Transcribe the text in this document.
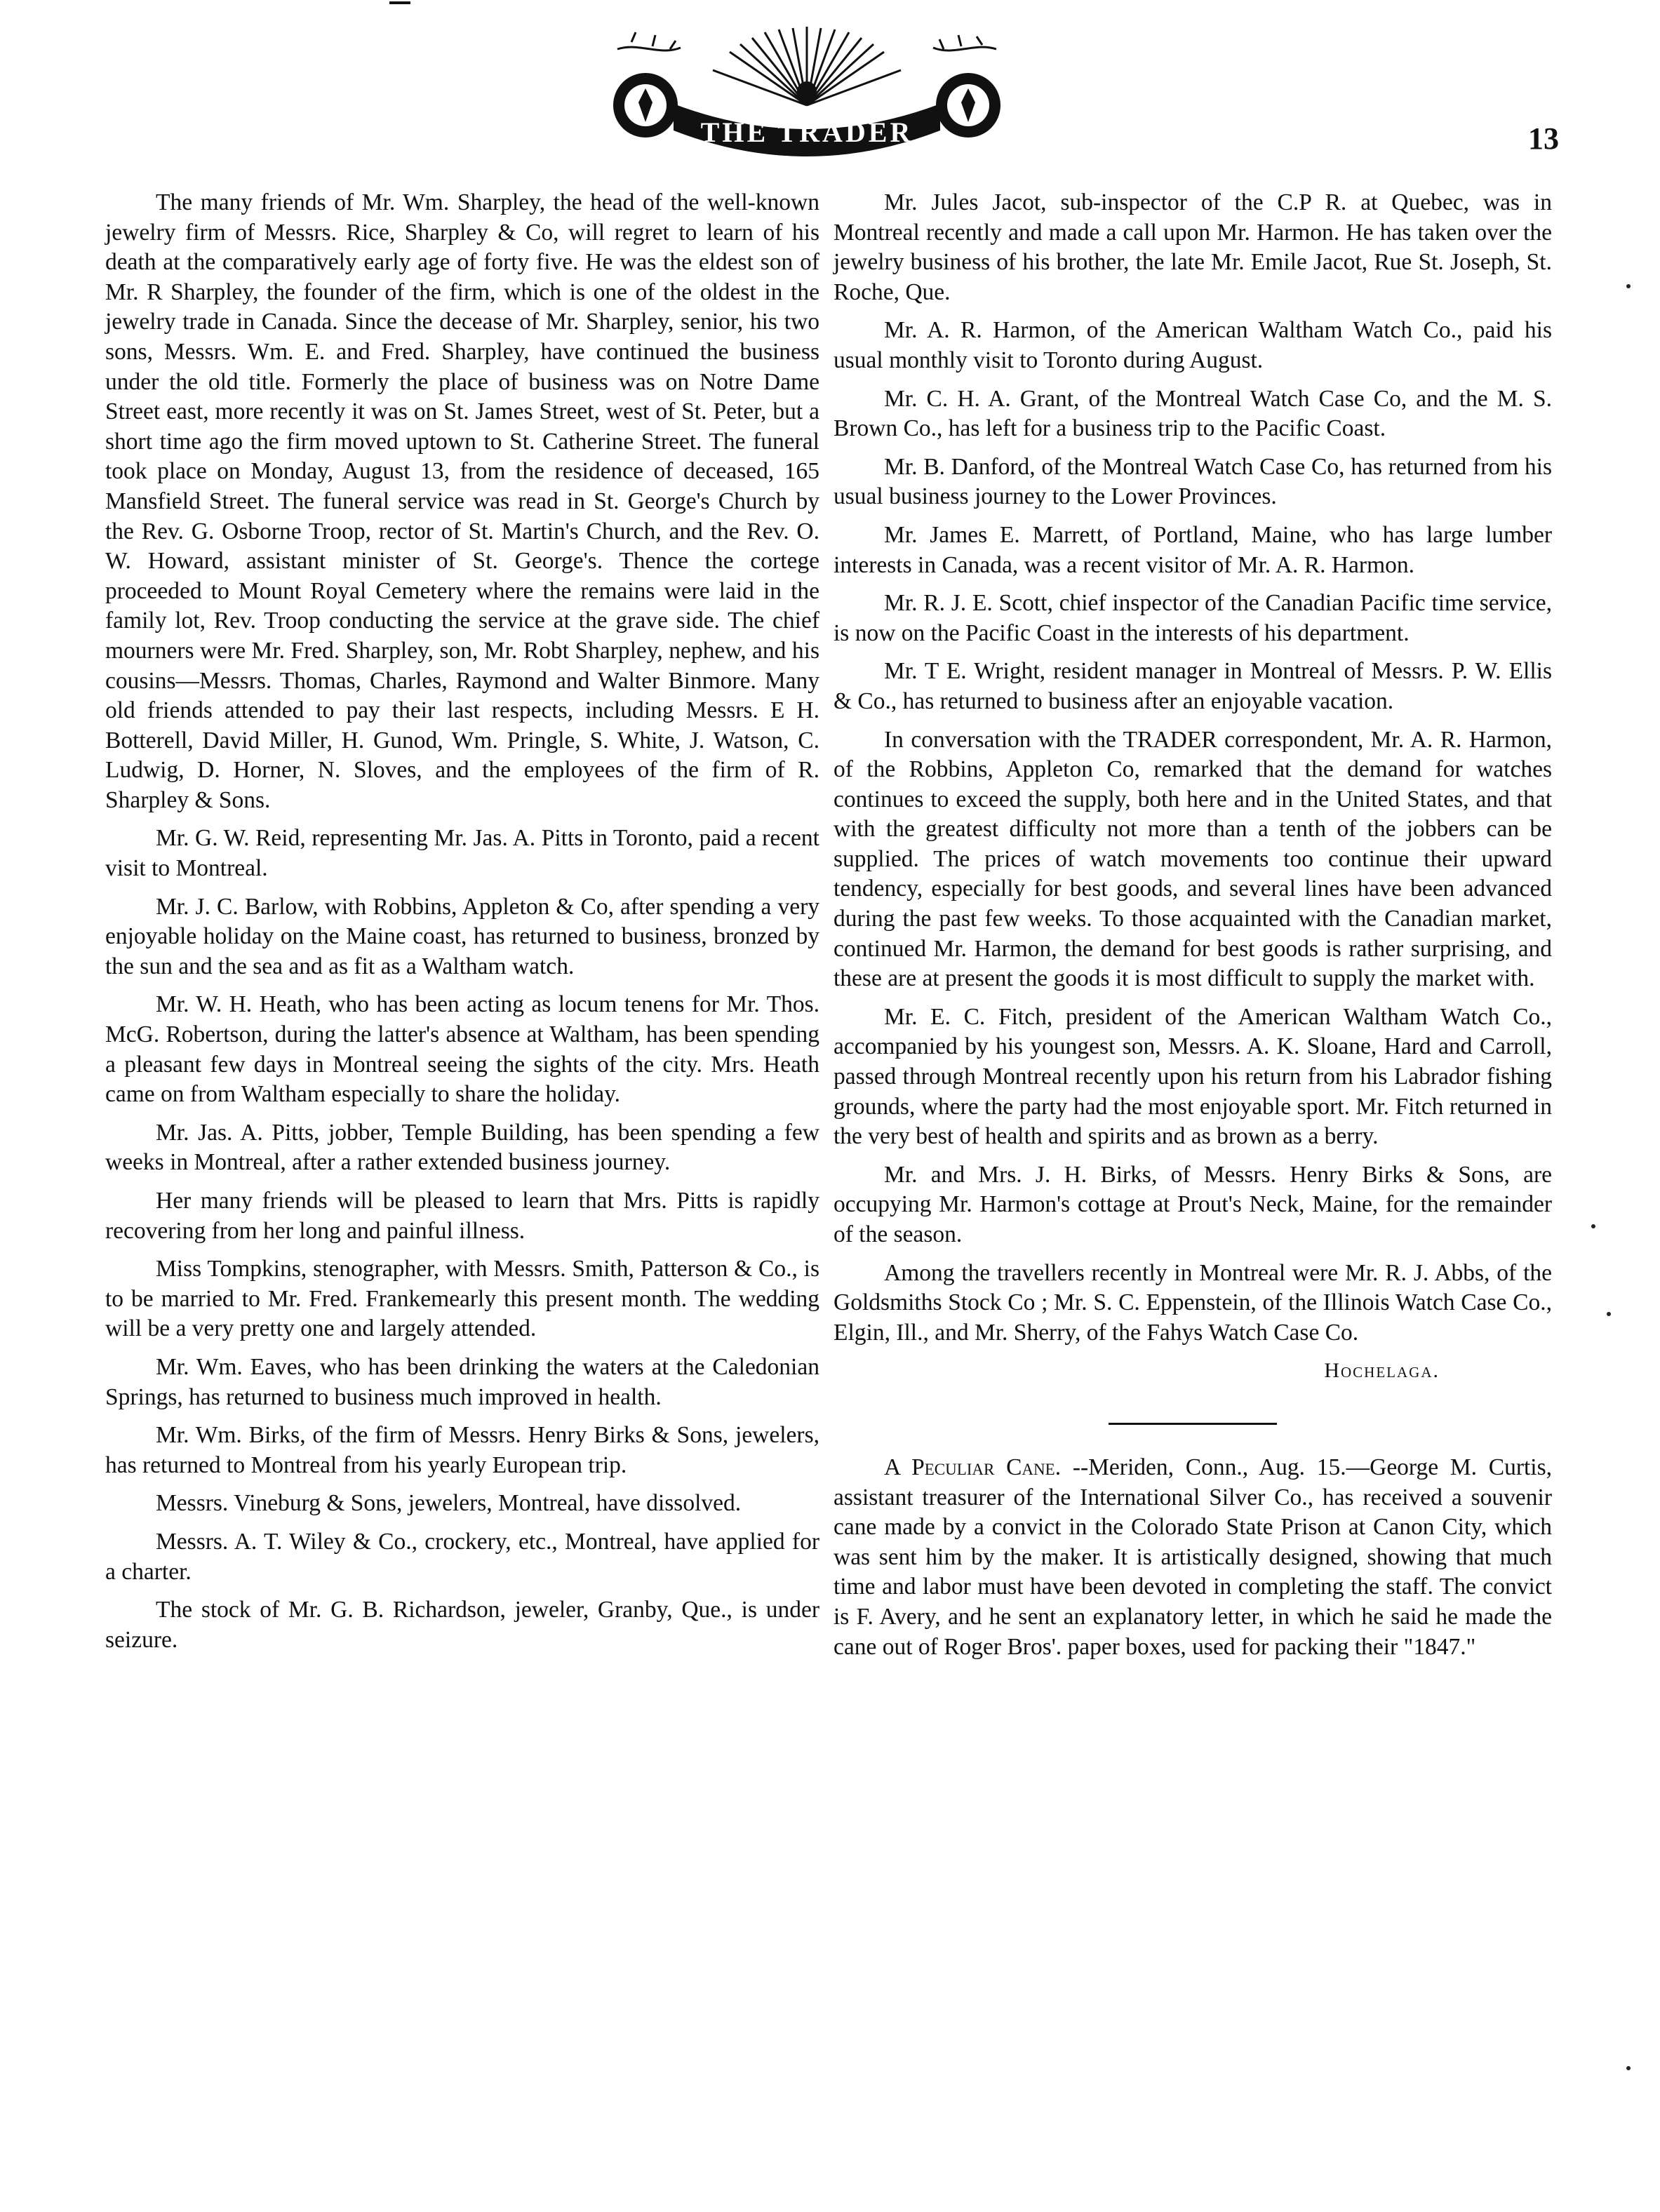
THE TRADER	13

The many friends of Mr. Wm. Sharpley, the head of the well-known jewelry firm of Messrs. Rice, Sharpley & Co, will regret to learn of his death at the comparatively early age of forty five. He was the eldest son of Mr. R Sharpley, the founder of the firm, which is one of the oldest in the jewelry trade in Canada. Since the decease of Mr. Sharpley, senior, his two sons, Messrs. Wm. E. and Fred. Sharpley, have continued the business under the old title. Formerly the place of business was on Notre Dame Street east, more recently it was on St. James Street, west of St. Peter, but a short time ago the firm moved uptown to St. Catherine Street. The funeral took place on Monday, August 13, from the residence of deceased, 165 Mansfield Street. The funeral service was read in St. George's Church by the Rev. G. Osborne Troop, rector of St. Martin's Church, and the Rev. O. W. Howard, assistant minister of St. George's. Thence the cortege proceeded to Mount Royal Cemetery where the remains were laid in the family lot, Rev. Troop conducting the service at the grave side. The chief mourners were Mr. Fred. Sharpley, son, Mr. Robt Sharpley, nephew, and his cousins—Messrs. Thomas, Charles, Raymond and Walter Binmore. Many old friends attended to pay their last respects, including Messrs. E H. Botterell, David Miller, H. Gunod, Wm. Pringle, S. White, J. Watson, C. Ludwig, D. Horner, N. Sloves, and the employees of the firm of R. Sharpley & Sons.

Mr. G. W. Reid, representing Mr. Jas. A. Pitts in Toronto, paid a recent visit to Montreal.

Mr. J. C. Barlow, with Robbins, Appleton & Co, after spending a very enjoyable holiday on the Maine coast, has returned to business, bronzed by the sun and the sea and as fit as a Waltham watch.

Mr. W. H. Heath, who has been acting as locum tenens for Mr. Thos. McG. Robertson, during the latter's absence at Waltham, has been spending a pleasant few days in Montreal seeing the sights of the city. Mrs. Heath came on from Waltham especially to share the holiday.

Mr. Jas. A. Pitts, jobber, Temple Building, has been spending a few weeks in Montreal, after a rather extended business journey.

Her many friends will be pleased to learn that Mrs. Pitts is rapidly recovering from her long and painful illness.

Miss Tompkins, stenographer, with Messrs. Smith, Patterson & Co., is to be married to Mr. Fred. Frankemearly this present month. The wedding will be a very pretty one and largely attended.

Mr. Wm. Eaves, who has been drinking the waters at the Caledonian Springs, has returned to business much improved in health.

Mr. Wm. Birks, of the firm of Messrs. Henry Birks & Sons, jewelers, has returned to Montreal from his yearly European trip.

Messrs. Vineburg & Sons, jewelers, Montreal, have dissolved.

Messrs. A. T. Wiley & Co., crockery, etc., Montreal, have applied for a charter.

The stock of Mr. G. B. Richardson, jeweler, Granby, Que., is under seizure.

Mr. Jules Jacot, sub-inspector of the C.P R. at Quebec, was in Montreal recently and made a call upon Mr. Harmon. He has taken over the jewelry business of his brother, the late Mr. Emile Jacot, Rue St. Joseph, St. Roche, Que.

Mr. A. R. Harmon, of the American Waltham Watch Co., paid his usual monthly visit to Toronto during August.

Mr. C. H. A. Grant, of the Montreal Watch Case Co, and the M. S. Brown Co., has left for a business trip to the Pacific Coast.

Mr. B. Danford, of the Montreal Watch Case Co, has returned from his usual business journey to the Lower Provinces.

Mr. James E. Marrett, of Portland, Maine, who has large lumber interests in Canada, was a recent visitor of Mr. A. R. Harmon.

Mr. R. J. E. Scott, chief inspector of the Canadian Pacific time service, is now on the Pacific Coast in the interests of his department.

Mr. T E. Wright, resident manager in Montreal of Messrs. P. W. Ellis & Co., has returned to business after an enjoyable vacation.

In conversation with the TRADER correspondent, Mr. A. R. Harmon, of the Robbins, Appleton Co, remarked that the demand for watches continues to exceed the supply, both here and in the United States, and that with the greatest difficulty not more than a tenth of the jobbers can be supplied. The prices of watch movements too continue their upward tendency, especially for best goods, and several lines have been advanced during the past few weeks. To those acquainted with the Canadian market, continued Mr. Harmon, the demand for best goods is rather surprising, and these are at present the goods it is most difficult to supply the market with.

Mr. E. C. Fitch, president of the American Waltham Watch Co., accompanied by his youngest son, Messrs. A. K. Sloane, Hard and Carroll, passed through Montreal recently upon his return from his Labrador fishing grounds, where the party had the most enjoyable sport. Mr. Fitch returned in the very best of health and spirits and as brown as a berry.

Mr. and Mrs. J. H. Birks, of Messrs. Henry Birks & Sons, are occupying Mr. Harmon's cottage at Prout's Neck, Maine, for the remainder of the season.

Among the travellers recently in Montreal were Mr. R. J. Abbs, of the Goldsmiths Stock Co ; Mr. S. C. Eppenstein, of the Illinois Watch Case Co., Elgin, Ill., and Mr. Sherry, of the Fahys Watch Case Co.

Hochelaga.

A Peculiar Cane. --Meriden, Conn., Aug. 15.—George M. Curtis, assistant treasurer of the International Silver Co., has received a souvenir cane made by a convict in the Colorado State Prison at Canon City, which was sent him by the maker. It is artistically designed, showing that much time and labor must have been devoted in completing the staff. The convict is F. Avery, and he sent an explanatory letter, in which he said he made the cane out of Roger Bros'. paper boxes, used for packing their "1847."
